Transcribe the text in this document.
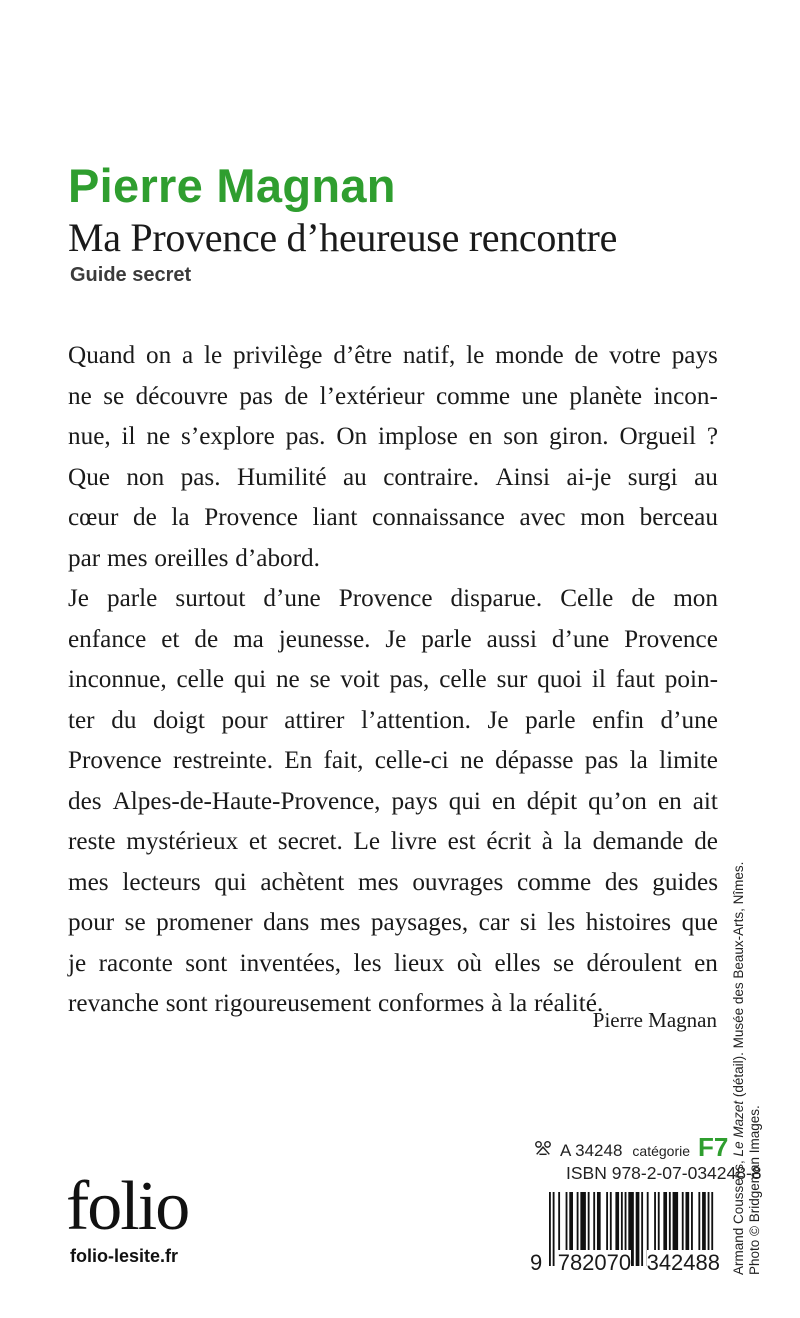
Pierre Magnan
Ma Provence d’heureuse rencontre
Guide secret
Quand on a le privilège d’être natif, le monde de votre pays
ne se découvre pas de l’extérieur comme une planète incon-
nue, il ne s’explore pas. On implose en son giron. Orgueil ?
Que non pas. Humilité au contraire. Ainsi ai-je surgi au
cœur de la Provence liant connaissance avec mon berceau
par mes oreilles d’abord.
Je parle surtout d’une Provence disparue. Celle de mon
enfance et de ma jeunesse. Je parle aussi d’une Provence
inconnue, celle qui ne se voit pas, celle sur quoi il faut poin-
ter du doigt pour attirer l’attention. Je parle enfin d’une
Provence restreinte. En fait, celle-ci ne dépasse pas la limite
des Alpes-de-Haute-Provence, pays qui en dépit qu’on en ait
reste mystérieux et secret. Le livre est écrit à la demande de
mes lecteurs qui achètent mes ouvrages comme des guides
pour se promener dans mes paysages, car si les histoires que
je raconte sont inventées, les lieux où elles se déroulent en
revanche sont rigoureusement conformes à la réalité.
Pierre Magnan
Armand Coussens, Le Mazet (détail). Musée des Beaux-Arts, Nîmes.
Photo © Bridgeman Images.
A 34248 catégorie F7
ISBN 978-2-07-034248-8
9 782070 342488
folio
folio-lesite.fr
